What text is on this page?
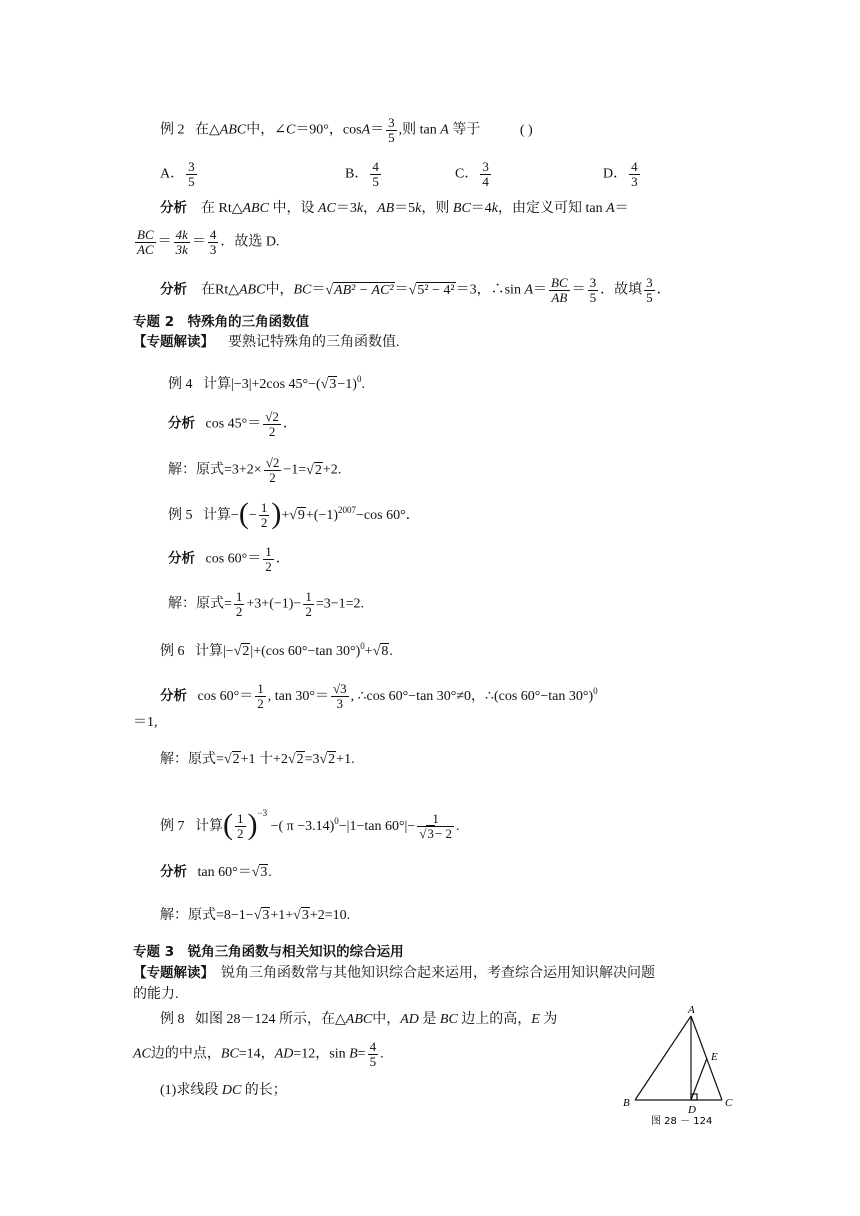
例 2 在△ABC中，∠C＝90°，$\cos A= \frac{3}{5}$ ,则 tan A 等于	( )
A． $\frac{3}{5}$	B． $\frac{4}{5}$	C． $\frac{3}{4}$	D． $\frac{4}{3}$
分析 在 Rt△ABC 中，设 AC＝3k，AB＝5k，则 BC＝4k，由定义可知 tan A＝
$\frac{BC}{AC} = \frac{4k}{3k} = \frac{4}{3}$ ．故选 D.
分析 在Rt△ABC中，BC＝√AB² − AC²＝√5² − 4²＝3，∴sin $A= \frac{BC}{AB} = \frac{3}{5}$ ．故填 $\frac{3}{5}$ ．
专题 2　特殊角的三角函数值
【专题解读】 要熟记特殊角的三角函数值.
例 4 计算|−3|+2cos $45^\circ-(√3-1)^0$.
分析 $\cos 45^\circ= \frac{√2}{2}$ ．
解：原式$=3+2\times \frac{√2}{2} -1=√2+2$.
例 5 计算−(− $\frac{1}{2} )+√9+(-1)^{2007}-\cos$ 60°．
分析 $\cos 60^\circ= \frac{1}{2}$ ．
解：原式= $\frac{1}{2} +3+(-1)- \frac{1}{2} =3-1=2$.
例 6 计算|−√2|+(cos 60°−tan 30°)$^0$+√8.
分析 $\cos 60^\circ= \frac{1}{2}$ , $\tan 30^\circ= \frac{√3}{3}$ , ∴cos 60°−tan 30°≠0，∴(cos 60°−tan 30°)$^0$
＝1,
解：原式=√2+1 十+2√2=3√2+1.
例 7 计算( $\frac{1}{2} )^{-3}$ −( π −3.14)$^0$−|1−tan $60^\circ|- \frac{1}{√3- 2}$ .
分析 tan 60°＝√3.
解：原式=8−1−√3+1+√3+2=10.
专题 3　锐角三角函数与相关知识的综合运用
【专题解读】 锐角三角函数常与其他知识综合起来运用，考查综合运用知识解决问题
的能力.
例 8 如图 28－124 所示，在△ABC中，AD 是 BC 边上的高，E 为
AC边的中点，BC=14，AD=12，$\sin B= \frac{4}{5}$ .
(1)求线段 DC 的长；
A
B	C
D
E
图 28 － 124
